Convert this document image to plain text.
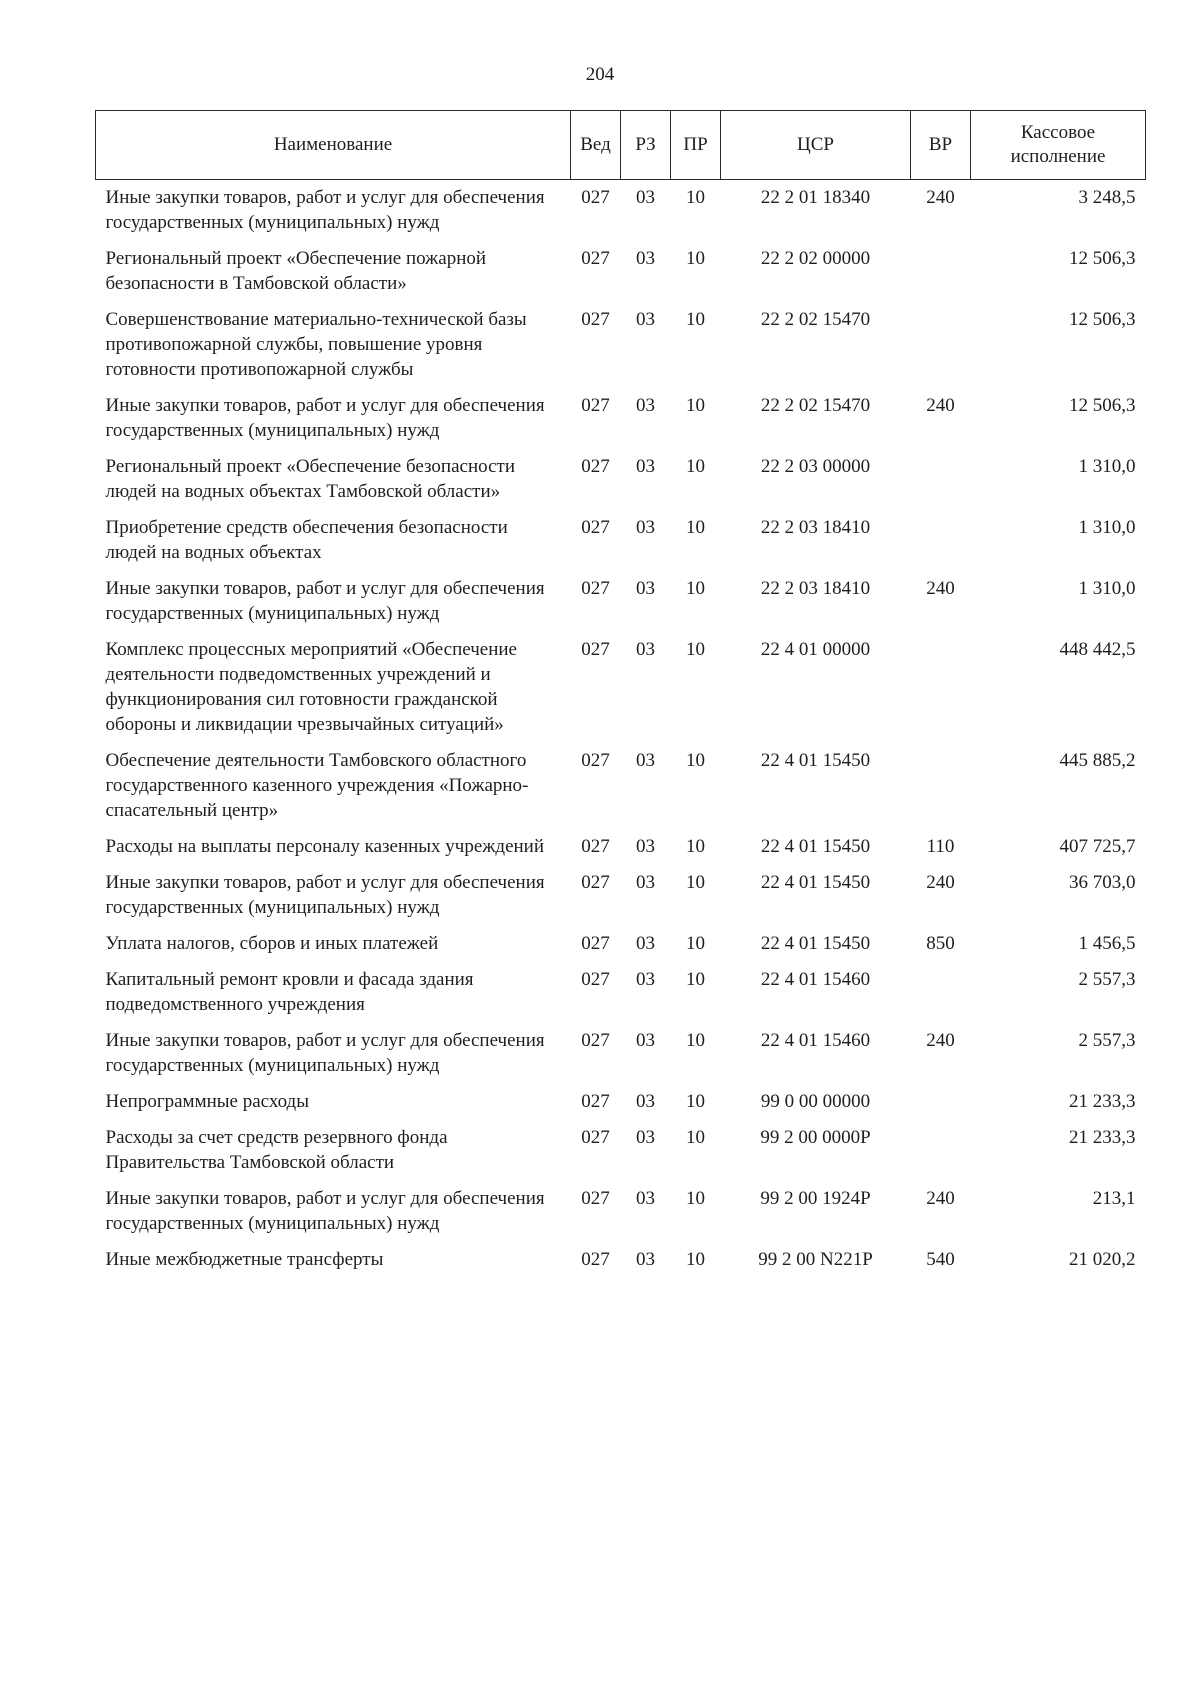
204
Наименование	Вед	РЗ	ПР	ЦСР	ВР	Кассовое
исполнение
Иные закупки товаров, работ и услуг для обеспечения государственных (муниципальных) нужд	027	03	10	22 2 01 18340	240	3 248,5
Региональный проект «Обеспечение пожарной безопасности в Тамбовской области»	027	03	10	22 2 02 00000		12 506,3
Совершенствование материально-технической базы противопожарной службы, повышение уровня готовности противопожарной службы	027	03	10	22 2 02 15470		12 506,3
Иные закупки товаров, работ и услуг для обеспечения государственных (муниципальных) нужд	027	03	10	22 2 02 15470	240	12 506,3
Региональный проект «Обеспечение безопасности людей на водных объектах Тамбовской области»	027	03	10	22 2 03 00000		1 310,0
Приобретение средств обеспечения безопасности людей на водных объектах	027	03	10	22 2 03 18410		1 310,0
Иные закупки товаров, работ и услуг для обеспечения государственных (муниципальных) нужд	027	03	10	22 2 03 18410	240	1 310,0
Комплекс процессных мероприятий «Обеспечение деятельности подведомственных учреждений и функционирования сил готовности гражданской обороны и ликвидации чрезвычайных ситуаций»	027	03	10	22 4 01 00000		448 442,5
Обеспечение деятельности Тамбовского областного государственного казенного учреждения «Пожарно-спасательный центр»	027	03	10	22 4 01 15450		445 885,2
Расходы на выплаты персоналу казенных учреждений	027	03	10	22 4 01 15450	110	407 725,7
Иные закупки товаров, работ и услуг для обеспечения государственных (муниципальных) нужд	027	03	10	22 4 01 15450	240	36 703,0
Уплата налогов, сборов и иных платежей	027	03	10	22 4 01 15450	850	1 456,5
Капитальный ремонт кровли и фасада здания подведомственного учреждения	027	03	10	22 4 01 15460		2 557,3
Иные закупки товаров, работ и услуг для обеспечения государственных (муниципальных) нужд	027	03	10	22 4 01 15460	240	2 557,3
Непрограммные расходы	027	03	10	99 0 00 00000		21 233,3
Расходы за счет средств резервного фонда Правительства Тамбовской области	027	03	10	99 2 00 0000Р		21 233,3
Иные закупки товаров, работ и услуг для обеспечения государственных (муниципальных) нужд	027	03	10	99 2 00 1924Р	240	213,1
Иные межбюджетные трансферты	027	03	10	99 2 00 N221Р	540	21 020,2
